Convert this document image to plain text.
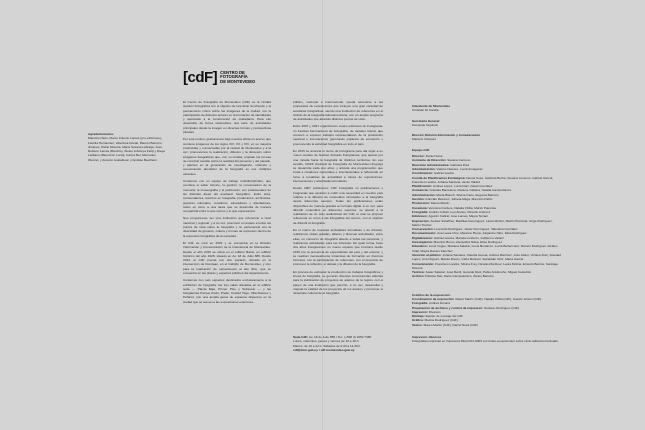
Agradecimientos:

Mauricio Nieto, Marco Antonio Lamas (pro ediciones), Familia Hernández, Valentina Dostal, Ramón Barreiro Jiménez, Pablo Moreira, María Susana Labraga, José Roberto Lamas (BaruCo), Álvaro Arboleya Felíp y Diego Lazkano (BarcoCol: Local), Carlos Bel, Mercedes Wenzel, y Antonio Gustafsson y familias Beetheim.

[cdF] CENTRO DE
FOTOGRAFÍA
DE MONTEVIDEO

El Centro de Fotografía de Montevideo (CdF) es la Unidad Gestión Fotográfica con el objetivo de incentivar la reflexión y el pensamiento crítico sobre las imágenes de la ciudad, con la participación de distintos actores en la formación de identidades y aportando a la construcción de ciudadanía. Para ello desarrolla, de forma sistemática, una serie de actividades principales desde la imagen en diversas formas y perspectivas plurales.

Por este motivo, gestionamos bajo nuestra órbita un acervo que contiene imágenes de los siglos XIX, XX y XXI, en su mayoría producidas y conservadas por la ciudad de Montevideo y a la vez, promovemos la realización, difusión y la discusión sobre imágenes fotográficas que, con su mirada, amplían las formas de construir sentido sobre la realidad del presente y del pasado, y aportan en la generación de investigación, reflexión y conocimiento alrededor de la fotografía en sus múltiples variantes.

Contamos con un equipo de trabajo multidisciplinario, que combina el saber técnico, la gestión, la conservación de la memoria, la museografía y el patrimonio, con profesionales de las distintas áreas del quehacer fotográfico. Entre ellos, conservadores, técnicos en fotografía, productores, archivistas, gestores culturales, curadores, educadores y diseñadores, todos en torno a una tarea que se desarrolla de manera compartida entre lo que somos y lo que expresamos.

Nos proponemos ser una institución que referencie a nivel nacional y regional, y a su vez, promover el respeto a todos los puntos de vista sobre la fotografía y su pertenencia con la diversidad de géneros, cultura y formas de expresión dentro de la expresión fotográfica de la sociedad.

El CdF se creó en 2002 y se encuentra en la División Información y Comunicación de la Intendencia de Montevideo. Desde el año 2015 se ubica en el edificio Bazar, un edificio histórico del año 1928, situado en Av. 18 de Julio 885. Desde 2014, el CdF cuenta con otro espacio, ubicado en la intersección de Rondeau, en el Cabildo de Montevideo, y otro para la realización de exposiciones al aire libre, que se encuentra en las plazas y espacios públicos del departamento.

Contamos con seis espacios destinados exclusivamente a la exhibición de fotografía: las tres salas ubicadas en el edificio sede — Planta Baja, Primer Piso y Subsuelo — y las fotogalerías Parque Rodó, Prado, Ciudad Vieja, Villa Dolores y Peñarol, con una amplia gama de espacios dispersos en la ciudad que se suman a las exposiciones exteriores.

público, nacional e internacional, pueda acercarse a las propuestas de exposiciones que incluyen una gran variedad de temáticas fotográficas, siendo una institución de referencia en el ámbito de la fotografía latinoamericana, con un amplio programa de actividades que abarcan distintos puntos de vista.

Entre 2007 y 2021 organizamos cuatro ediciones de Fotograma, un Festival Internacional de Fotografía, de carácter bienal, que convocó a exponer trabajos representativos de la producción nacional e internacional, generando espacios de encuentro y promoviendo la actividad fotográfica en todo el país.

En 2015 se anuncia el cierre de Fotograma para dar lugar a un nuevo modelo de festival, llamado Fotogramas, que apostó por una mirada hacia la fotografía de distintos territorios. En ese sentido, MUFF (Festival de Fotografía de Montevideo-Uruguay) se desarrolla cada dos años, y articula una programación que invita a creadores nacionales e internacionales a reflexionar en torno a temáticas de actualidad a través de exposiciones, intervenciones y actividades formativas.

Desde 2007 publicamos CDF Fotografía en publicaciones y programas que apuntan a cubrir una necesidad en nuestro país relativa a la difusión de contenidos vinculados a la fotografía desde diferentes campos. Todas las publicaciones están disponibles de manera gratuita en formato digital. A su vez, para difundir contenidos en diferentes soportes, se apostó a la realización de un ciclo audiovisual del CdF, el cual se propuso reflexionar en torno a las fotografías del acervo, con el objetivo de difundir la fotografía.

En el marco de nuestras actividades formativas y de difusión, realizamos visitas guiadas, talleres y diversas actividades, entre ellas, un concurso de fotografía abierto a todas las personas, y realizamos actividades para las infancias. De igual forma, hace dos años inauguramos un nuevo espacio que funciona desde 2016 con la presencia de especialistas del país y del exterior, y se realizan mensualmente instancias de formación en diversos formatos, con la participación de referentes, con el propósito de promover la reflexión, el debate y la difusión de la fotografía.

En procura de estimular la producción de trabajos fotográficos y líneas de fotografía, se generan diversas convocatorias abiertas para la publicación de proyectos de autores de la región, con el apoyo de una institución que permite, a su vez, desarrollar y mejorar la calidad de los proyectos de los autores y promover el desarrollo cultural de la fotografía.

Sede CdF: Av. 18 de Julio 885 / Tel.: (+598 2) 1950 7380
Lunes, miércoles, jueves y viernes de 10 a 19 h.
Martes: de 10 a 22 h. Sábados de 9.30 a 14.30 h.
cdf@imm.gub.uy / cdf.montevideo.gub.uy
Intendente de Montevideo
Christian Di Candia
Secretaria General
Fernando Nopitsch
Director División Información y Comunicación
Mariano Vázquez
Equipo CdF
Director: Daniel Sosa
Asistente de Dirección: Susana Centeno
Dirección Administrativa: Gabriela Díaz
Administración: Valeria Cáceres, Lucía Ameijeiras
Coordinación: Gabriel Garcia
Comité de Planificación Estratégica: Daniel Sosa, Gabriela Bertra, Susana Centeno, Gabriel García, Francisco Landra, Johana Santana, Javier Valdez
Planificación: Andrea López, Lucía Díaz, David González
Asistencia: Graciela Barcelona, Marlene Calleira, Natalia Campodónico
Administración: María Blanch, Silvina Cairo, Eugenia Barreiro
Gestión: Gonzalo Ramírez, Johana Mega, Maurício Pablo
Producción: Mauro Martín
Curaduría: Verónica Cordero, Natalia Chilla, Martín Pianzola
Fotografía: Andrés Cribari, Leo Alonso, Ricardo Antúnez
Ediciones: Agustín Cabral, Jose Lamas, Mayra Terrani
Exposición: Andrés Schaffner, Matthias Domínguez, Laura Muñoz, Martín Pianzola, Jorge Rodríguez, Martín Tischel
Conservación: Leonardo Rodríguez, Javier Domínguez, Valentina González
Documentación: Ana Laura Cirio, Mauricio Bruno, Alejandro Nitro, Elisa Rodríguez
Digitalización: Gabriel García, Mariela Limberto, Guillermo Valdez
Investigación: Mauricio Bruno, Alexandra Nitwa, Elisa Rodríguez
Educativo: Lucía Vogue, Mariana Salazar, Lucía Bentanco, Lucía Bettencourt, Ramón Rodríguez, Alcides Vidal, Mayra Ramos Sánchez
Atención al público: Johana Santana, Claudia Acosta, Andrea Martínez, José Abarú, Viviana Ruiz, Soledad López, Ana Noguez, Matías Rivero, Carla Molinari, Sebastián Ortiz, María García
Comunicación: Francisco Landra, Silvina Frey, Nicolás Martínez, Laura Molina, Ernesto Barrios, Santiago Moreira
Técnica: Javier Salazar, José Barril, Gerardo Ruiz, Pablo Aristimuño, Miguel Castañón
Archivo: Patricia Tato, Dario Campodónico, Álvaro Barreiro
Créditos de la exposición:
Coordinación de exposición: Mauro Martín (CdF), Natalia Chilla (CdF), Gastón Grismi (CdF)
Fotografía: Andrea Durand
Preparación de archivos y control de impresión: Gustavo Rodríguez (CdF)
Impresión: Divarcos
Montaje: Equipo de montaje del CdF
Gráfica: Marina Rodríguez (CdF)
Textos: Mauro Martín (CdF), Daniel Sosa (CdF)
Impresión: divarcos
Fotografías impresas en impresora Mutoh RJ-900X por tintas ecosolventes sobre vinilo adhesivo laminado.
